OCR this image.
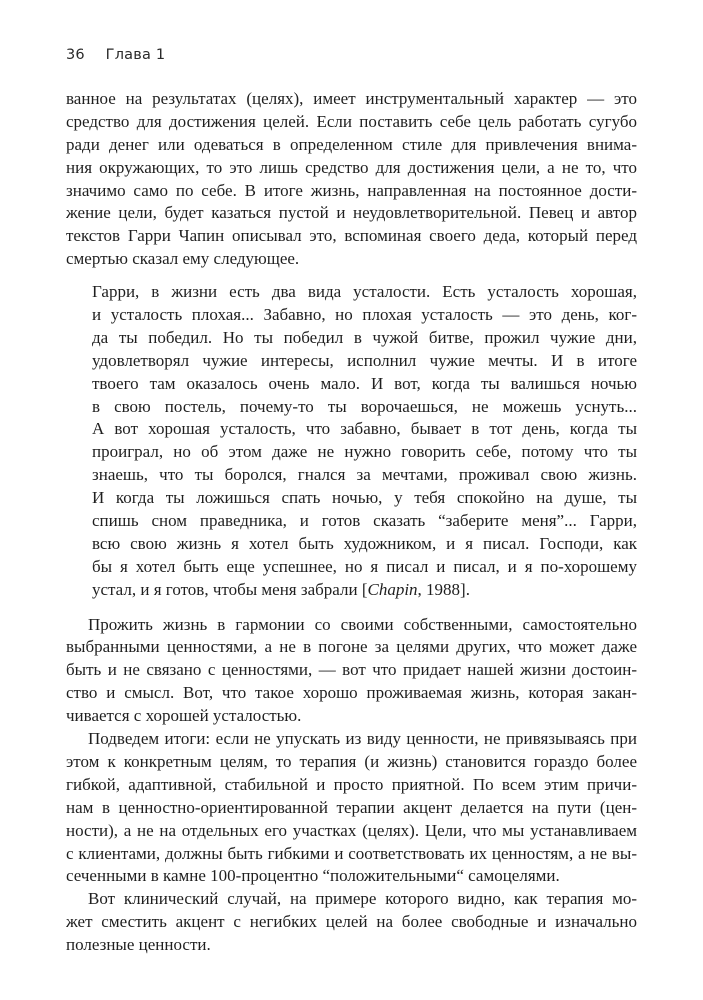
36 Глава 1
ванное на результатах (целях), имеет инструментальный характер — это
средство для достижения целей. Если поставить себе цель работать сугубо
ради денег или одеваться в определенном стиле для привлечения внима-
ния окружающих, то это лишь средство для достижения цели, а не то, что
значимо само по себе. В итоге жизнь, направленная на постоянное дости-
жение цели, будет казаться пустой и неудовлетворительной. Певец и автор
текстов Гарри Чапин описывал это, вспоминая своего деда, который перед
смертью сказал ему следующее.
Гарри, в жизни есть два вида усталости. Есть усталость хорошая,
и усталость плохая... Забавно, но плохая усталость — это день, ког-
да ты победил. Но ты победил в чужой битве, прожил чужие дни,
удовлетворял чужие интересы, исполнил чужие мечты. И в итоге
твоего там оказалось очень мало. И вот, когда ты валишься ночью
в свою постель, почему-то ты ворочаешься, не можешь уснуть...
А вот хорошая усталость, что забавно, бывает в тот день, когда ты
проиграл, но об этом даже не нужно говорить себе, потому что ты
знаешь, что ты боролся, гнался за мечтами, проживал свою жизнь.
И когда ты ложишься спать ночью, у тебя спокойно на душе, ты
спишь сном праведника, и готов сказать “заберите меня”... Гарри,
всю свою жизнь я хотел быть художником, и я писал. Господи, как
бы я хотел быть еще успешнее, но я писал и писал, и я по-хорошему
устал, и я готов, чтобы меня забрали [Chapin, 1988].
Прожить жизнь в гармонии со своими собственными, самостоятельно
выбранными ценностями, а не в погоне за целями других, что может даже
быть и не связано с ценностями, — вот что придает нашей жизни достоин-
ство и смысл. Вот, что такое хорошо проживаемая жизнь, которая закан-
чивается с хорошей усталостью.
Подведем итоги: если не упускать из виду ценности, не привязываясь при
этом к конкретным целям, то терапия (и жизнь) становится гораздо более
гибкой, адаптивной, стабильной и просто приятной. По всем этим причи-
нам в ценностно-ориентированной терапии акцент делается на пути (цен-
ности), а не на отдельных его участках (целях). Цели, что мы устанавливаем
с клиентами, должны быть гибкими и соответствовать их ценностям, а не вы-
сеченными в камне 100-процентно “положительными“ самоцелями.
Вот клинический случай, на примере которого видно, как терапия мо-
жет сместить акцент с негибких целей на более свободные и изначально
полезные ценности.
